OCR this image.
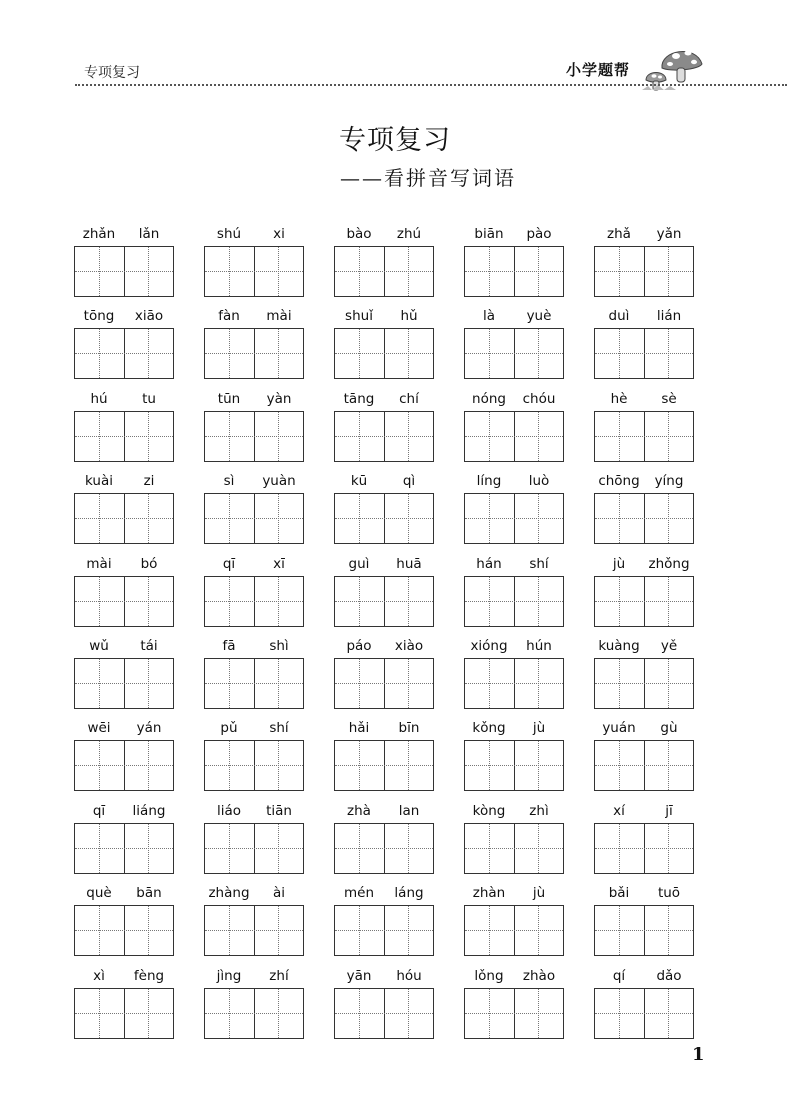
专项复习	小学题帮
专项复习
——看拼音写词语
zhǎn	lǎn	shú	xi	bào	zhú	biān	pào	zhǎ	yǎn
tōng	xiāo	fàn	mài	shuǐ	hǔ	là	yuè	duì	lián
hú	tu	tūn	yàn	tāng	chí	nóng	chóu	hè	sè
kuài	zi	sì	yuàn	kū	qì	líng	luò	chōng	yíng
mài	bó	qī	xī	guì	huā	hán	shí	jù	zhǒng
wǔ	tái	fā	shì	páo	xiào	xióng	hún	kuàng	yě
wēi	yán	pǔ	shí	hǎi	bīn	kǒng	jù	yuán	gù
qī	liáng	liáo	tiān	zhà	lan	kòng	zhì	xí	jī
què	bān	zhàng	ài	mén	láng	zhàn	jù	bǎi	tuō
xì	fèng	jìng	zhí	yān	hóu	lǒng	zhào	qí	dǎo
1
